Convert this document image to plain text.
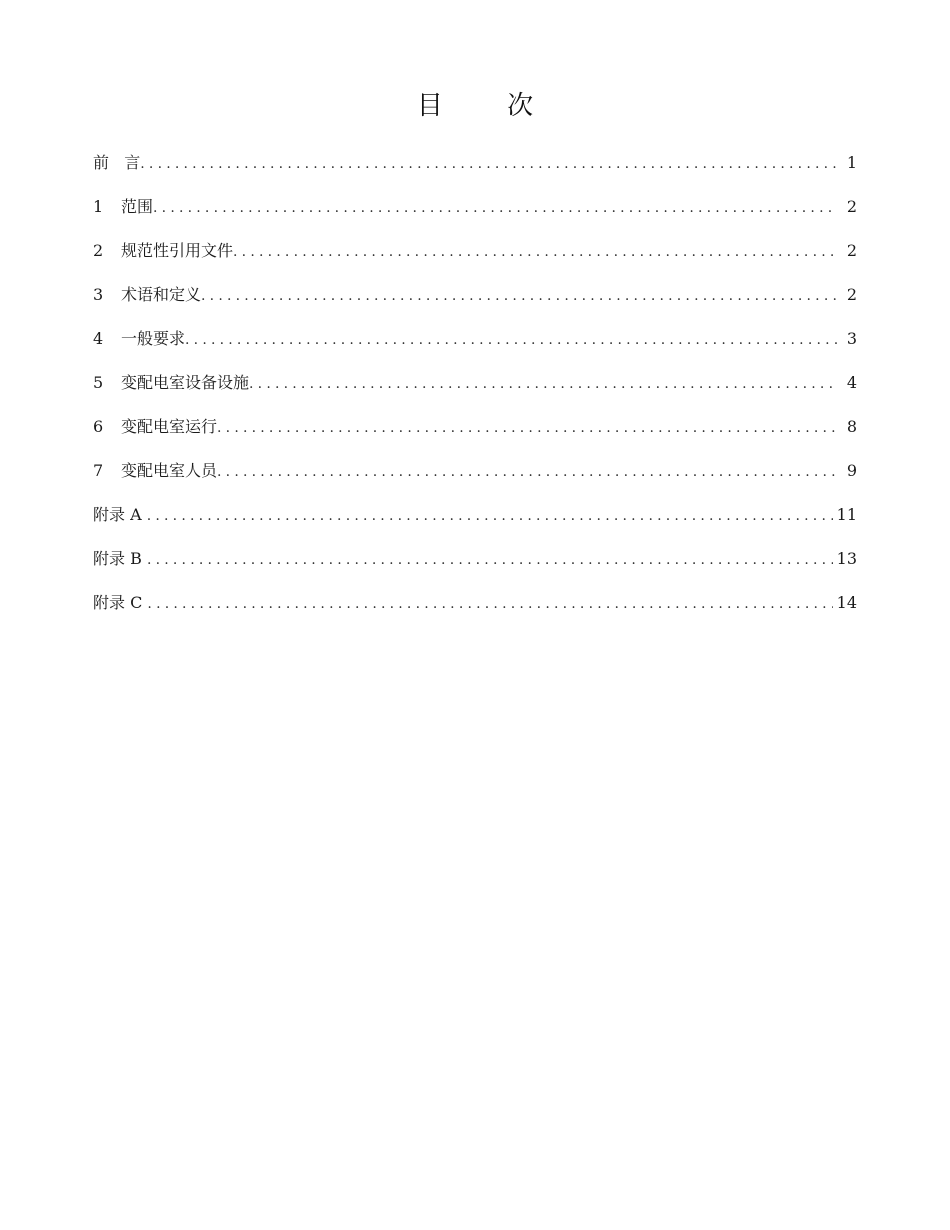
目 次
前   言 .....	1
1	范围 .....	2
2	规范性引用文件 .....	2
3	术语和定义 .....	2
4	一般要求 .....	3
5	变配电室设备设施 .....	4
6	变配电室运行 .....	8
7	变配电室人员 .....	9
附录 A .....	11
附录 B .....	13
附录 C .....	14
